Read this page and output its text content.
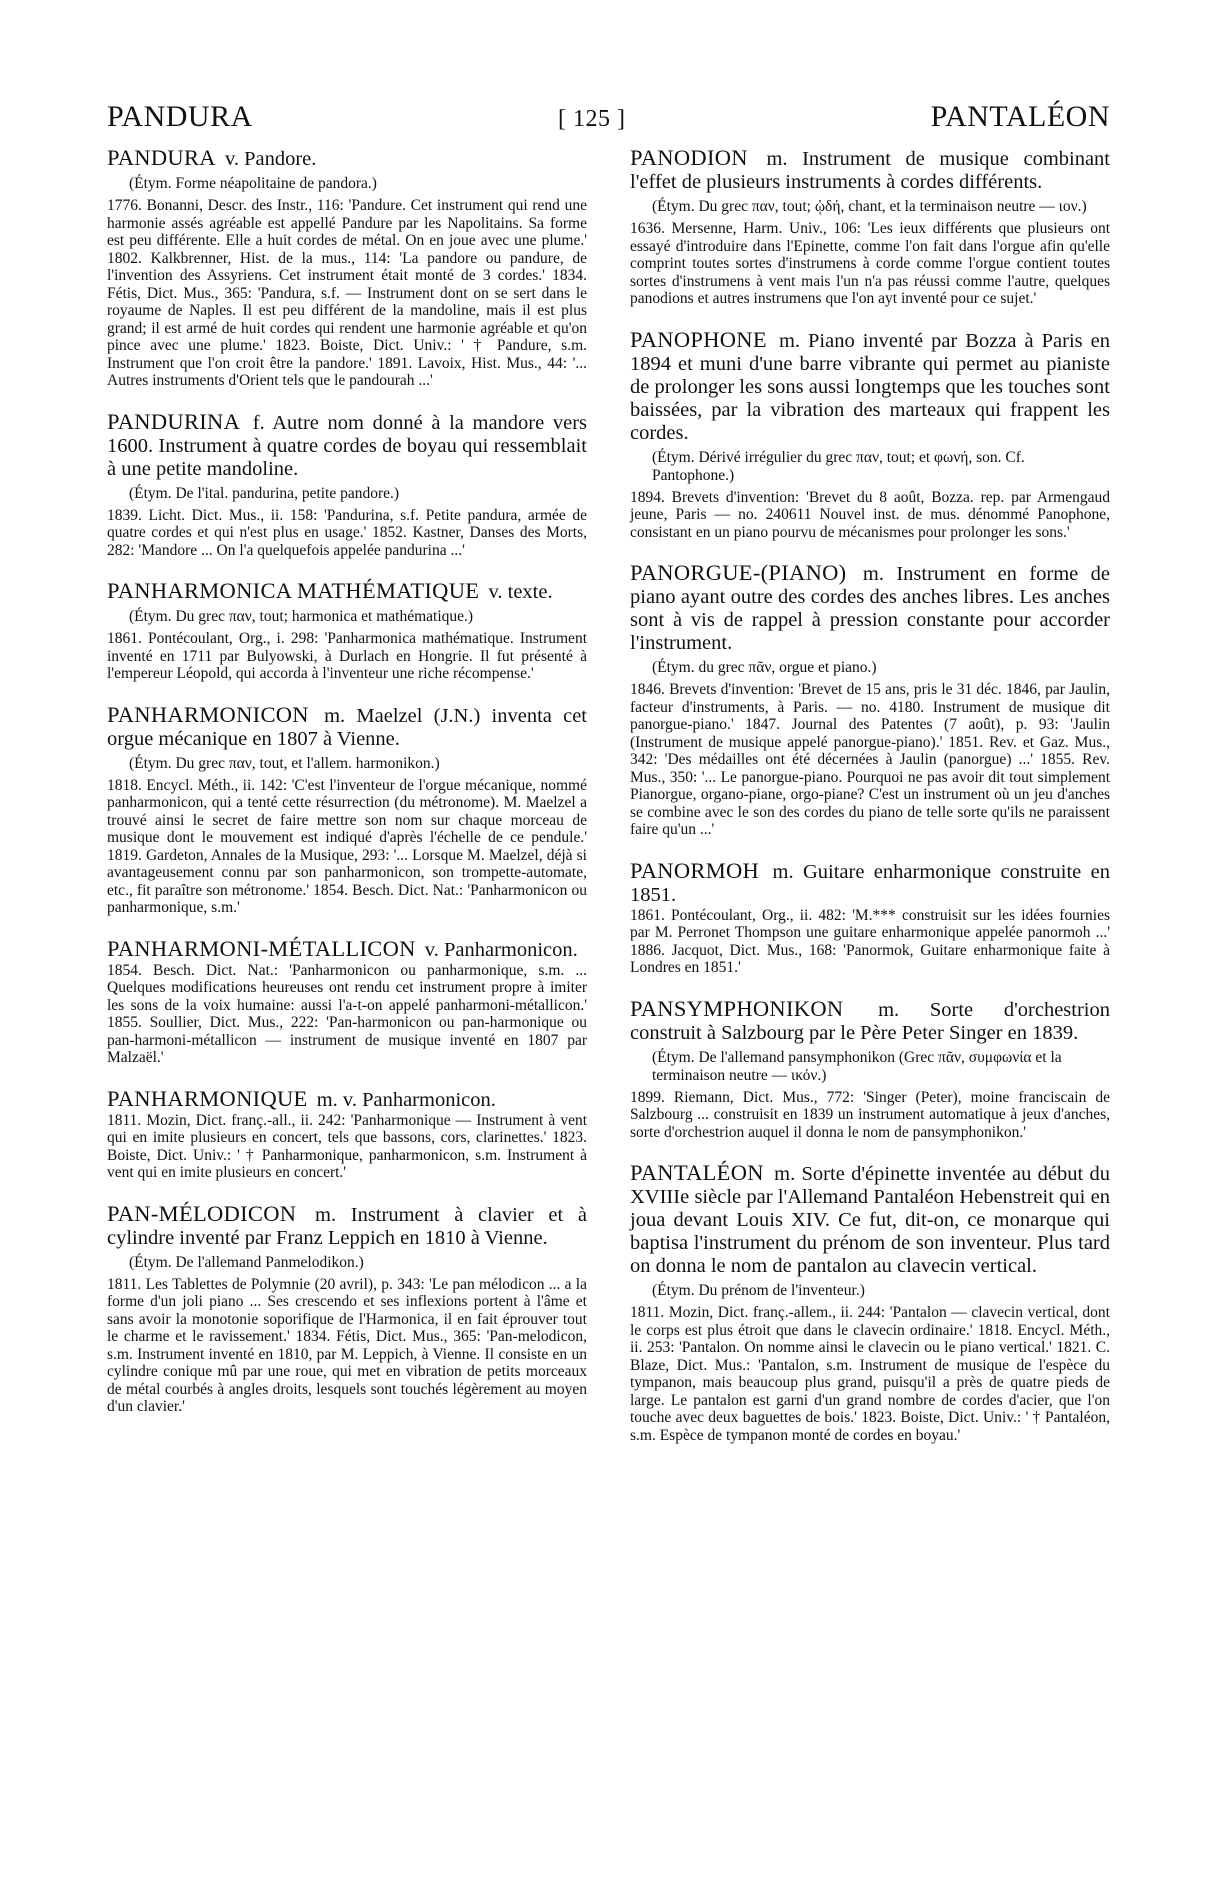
PANDURA	[ 125 ]	PANTALÉON

PANDURA v. Pandore.

(Étym. Forme néapolitaine de pandora.)

1776. Bonanni, Descr. des Instr., 116: 'Pandure. Cet instrument qui rend une harmonie assés agréable est appellé Pandure par les Napolitains. Sa forme est peu différente. Elle a huit cordes de métal. On en joue avec une plume.' 1802. Kalkbrenner, Hist. de la mus., 114: 'La pandore ou pandure, de l'invention des Assyriens. Cet instrument était monté de 3 cordes.' 1834. Fétis, Dict. Mus., 365: 'Pandura, s.f. — Instrument dont on se sert dans le royaume de Naples. Il est peu différent de la mandoline, mais il est plus grand; il est armé de huit cordes qui rendent une harmonie agréable et qu'on pince avec une plume.' 1823. Boiste, Dict. Univ.: ' † Pandure, s.m. Instrument que l'on croit être la pandore.' 1891. Lavoix, Hist. Mus., 44: '... Autres instruments d'Orient tels que le pandourah ...'

PANDURINA f. Autre nom donné à la mandore vers 1600. Instrument à quatre cordes de boyau qui ressemblait à une petite mandoline.

(Étym. De l'ital. pandurina, petite pandore.)

1839. Licht. Dict. Mus., ii. 158: 'Pandurina, s.f. Petite pandura, armée de quatre cordes et qui n'est plus en usage.' 1852. Kastner, Danses des Morts, 282: 'Mandore ... On l'a quelquefois appelée pandurina ...'

PANHARMONICA MATHÉMATIQUE v. texte.

(Étym. Du grec παν, tout; harmonica et mathématique.)

1861. Pontécoulant, Org., i. 298: 'Panharmonica mathématique. Instrument inventé en 1711 par Bulyowski, à Durlach en Hongrie. Il fut présenté à l'empereur Léopold, qui accorda à l'inventeur une riche récompense.'

PANHARMONICON m. Maelzel (J.N.) inventa cet orgue mécanique en 1807 à Vienne.

(Étym. Du grec παν, tout, et l'allem. harmonikon.)

1818. Encycl. Méth., ii. 142: 'C'est l'inventeur de l'orgue mécanique, nommé panharmonicon, qui a tenté cette résurrection (du métronome). M. Maelzel a trouvé ainsi le secret de faire mettre son nom sur chaque morceau de musique dont le mouvement est indiqué d'après l'échelle de ce pendule.' 1819. Gardeton, Annales de la Musique, 293: '... Lorsque M. Maelzel, déjà si avantageusement connu par son panharmonicon, son trompette-automate, etc., fit paraître son métronome.' 1854. Besch. Dict. Nat.: 'Panharmonicon ou panharmonique, s.m.'

PANHARMONI-MÉTALLICON v. Panharmonicon.

1854. Besch. Dict. Nat.: 'Panharmonicon ou panharmonique, s.m. ... Quelques modifications heureuses ont rendu cet instrument propre à imiter les sons de la voix humaine: aussi l'a-t-on appelé panharmoni-métallicon.' 1855. Soullier, Dict. Mus., 222: 'Pan-harmonicon ou pan-harmonique ou pan-harmoni-métallicon — instrument de musique inventé en 1807 par Malzaël.'

PANHARMONIQUE m. v. Panharmonicon.

1811. Mozin, Dict. franç.-all., ii. 242: 'Panharmonique — Instrument à vent qui en imite plusieurs en concert, tels que bassons, cors, clarinettes.' 1823. Boiste, Dict. Univ.: ' † Panharmonique, panharmonicon, s.m. Instrument à vent qui en imite plusieurs en concert.'

PAN-MÉLODICON m. Instrument à clavier et à cylindre inventé par Franz Leppich en 1810 à Vienne.

(Étym. De l'allemand Panmelodikon.)

1811. Les Tablettes de Polymnie (20 avril), p. 343: 'Le pan mélodicon ... a la forme d'un joli piano ... Ses crescendo et ses inflexions portent à l'âme et sans avoir la monotonie soporifique de l'Harmonica, il en fait éprouver tout le charme et le ravissement.' 1834. Fétis, Dict. Mus., 365: 'Pan-melodicon, s.m. Instrument inventé en 1810, par M. Leppich, à Vienne. Il consiste en un cylindre conique mû par une roue, qui met en vibration de petits morceaux de métal courbés à angles droits, lesquels sont touchés légèrement au moyen d'un clavier.'

PANODION m. Instrument de musique combinant l'effet de plusieurs instruments à cordes différents.

(Étym. Du grec παν, tout; ᾠδή, chant, et la terminaison neutre — ιον.)

1636. Mersenne, Harm. Univ., 106: 'Les ieux différents que plusieurs ont essayé d'introduire dans l'Epinette, comme l'on fait dans l'orgue afin qu'elle comprint toutes sortes d'instrumens à corde comme l'orgue contient toutes sortes d'instrumens à vent mais l'un n'a pas réussi comme l'autre, quelques panodions et autres instrumens que l'on ayt inventé pour ce sujet.'

PANOPHONE m. Piano inventé par Bozza à Paris en 1894 et muni d'une barre vibrante qui permet au pianiste de prolonger les sons aussi longtemps que les touches sont baissées, par la vibration des marteaux qui frappent les cordes.

(Étym. Dérivé irrégulier du grec παν, tout; et φωνή, son. Cf. Pantophone.)

1894. Brevets d'invention: 'Brevet du 8 août, Bozza. rep. par Armengaud jeune, Paris — no. 240611 Nouvel inst. de mus. dénommé Panophone, consistant en un piano pourvu de mécanismes pour prolonger les sons.'

PANORGUE-(PIANO) m. Instrument en forme de piano ayant outre des cordes des anches libres. Les anches sont à vis de rappel à pression constante pour accorder l'instrument.

(Étym. du grec πᾶν, orgue et piano.)

1846. Brevets d'invention: 'Brevet de 15 ans, pris le 31 déc. 1846, par Jaulin, facteur d'instruments, à Paris. — no. 4180. Instrument de musique dit panorgue-piano.' 1847. Journal des Patentes (7 août), p. 93: 'Jaulin (Instrument de musique appelé panorgue-piano).' 1851. Rev. et Gaz. Mus., 342: 'Des médailles ont été décernées à Jaulin (panorgue) ...' 1855. Rev. Mus., 350: '... Le panorgue-piano. Pourquoi ne pas avoir dit tout simplement Pianorgue, organo-piane, orgo-piane? C'est un instrument où un jeu d'anches se combine avec le son des cordes du piano de telle sorte qu'ils ne paraissent faire qu'un ...'

PANORMOH m. Guitare enharmonique construite en 1851.

1861. Pontécoulant, Org., ii. 482: 'M.*** construisit sur les idées fournies par M. Perronet Thompson une guitare enharmonique appelée panormoh ...' 1886. Jacquot, Dict. Mus., 168: 'Panormok, Guitare enharmonique faite à Londres en 1851.'

PANSYMPHONIKON m. Sorte d'orchestrion construit à Salzbourg par le Père Peter Singer en 1839.

(Étym. De l'allemand pansymphonikon (Grec πᾶν, συμφωνία et la terminaison neutre — ικόν.)

1899. Riemann, Dict. Mus., 772: 'Singer (Peter), moine franciscain de Salzbourg ... construisit en 1839 un instrument automatique à jeux d'anches, sorte d'orchestrion auquel il donna le nom de pansymphonikon.'

PANTALÉON m. Sorte d'épinette inventée au début du XVIIIe siècle par l'Allemand Pantaléon Hebenstreit qui en joua devant Louis XIV. Ce fut, dit-on, ce monarque qui baptisa l'instrument du prénom de son inventeur. Plus tard on donna le nom de pantalon au clavecin vertical.

(Étym. Du prénom de l'inventeur.)

1811. Mozin, Dict. franç.-allem., ii. 244: 'Pantalon — clavecin vertical, dont le corps est plus étroit que dans le clavecin ordinaire.' 1818. Encycl. Méth., ii. 253: 'Pantalon. On nomme ainsi le clavecin ou le piano vertical.' 1821. C. Blaze, Dict. Mus.: 'Pantalon, s.m. Instrument de musique de l'espèce du tympanon, mais beaucoup plus grand, puisqu'il a près de quatre pieds de large. Le pantalon est garni d'un grand nombre de cordes d'acier, que l'on touche avec deux baguettes de bois.' 1823. Boiste, Dict. Univ.: ' † Pantaléon, s.m. Espèce de tympanon monté de cordes en boyau.'
